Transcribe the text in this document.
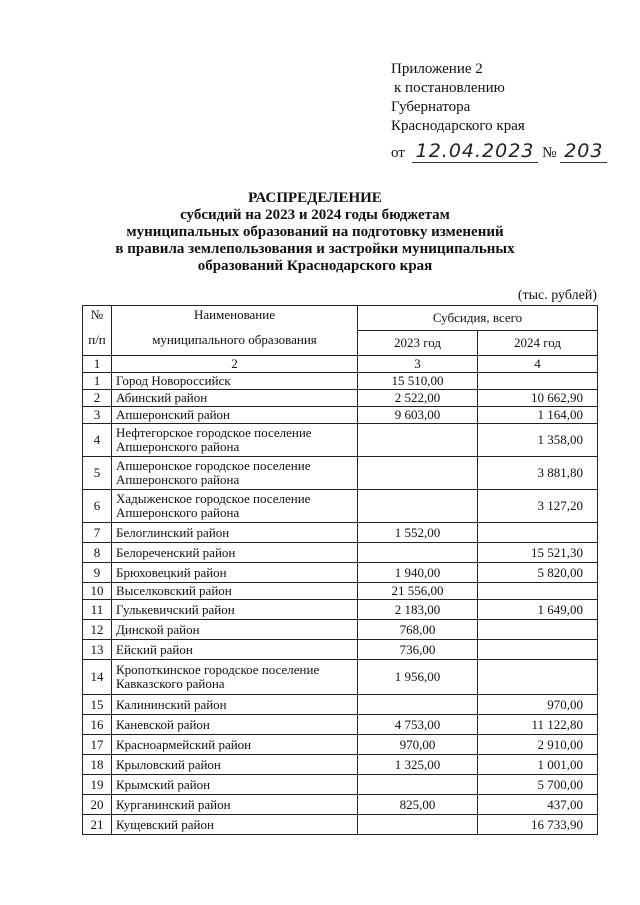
Приложение 2
к постановлению
Губернатора
Краснодарского края
от 12.04.2023 № 203
РАСПРЕДЕЛЕНИЕ
субсидий на 2023 и 2024 годы бюджетам
муниципальных образований на подготовку изменений
в правила землепользования и застройки муниципальных
образований Краснодарского края
(тыс. рублей)
№
п/п	Наименование
муниципального образования	Субсидия, всего	
		2023 год	2024 год
1	2	3	4
1	Город Новороссийск	15 510,00	
2	Абинский район	2 522,00	10 662,90
3	Апшеронский район	9 603,00	1 164,00
4	Нефтегорское городское поселение Апшеронского района		1 358,00
5	Апшеронское городское поселение Апшеронского района		3 881,80
6	Хадыженское городское поселение Апшеронского района		3 127,20
7	Белоглинский район	1 552,00	
8	Белореченский район		15 521,30
9	Брюховецкий район	1 940,00	5 820,00
10	Выселковский район	21 556,00	
11	Гулькевичский район	2 183,00	1 649,00
12	Динской район	768,00	
13	Ейский район	736,00	
14	Кропоткинское городское поселение Кавказского района	1 956,00	
15	Калининский район		970,00
16	Каневской район	4 753,00	11 122,80
17	Красноармейский район	970,00	2 910,00
18	Крыловский район	1 325,00	1 001,00
19	Крымский район		5 700,00
20	Курганинский район	825,00	437,00
21	Кущевский район		16 733,90
